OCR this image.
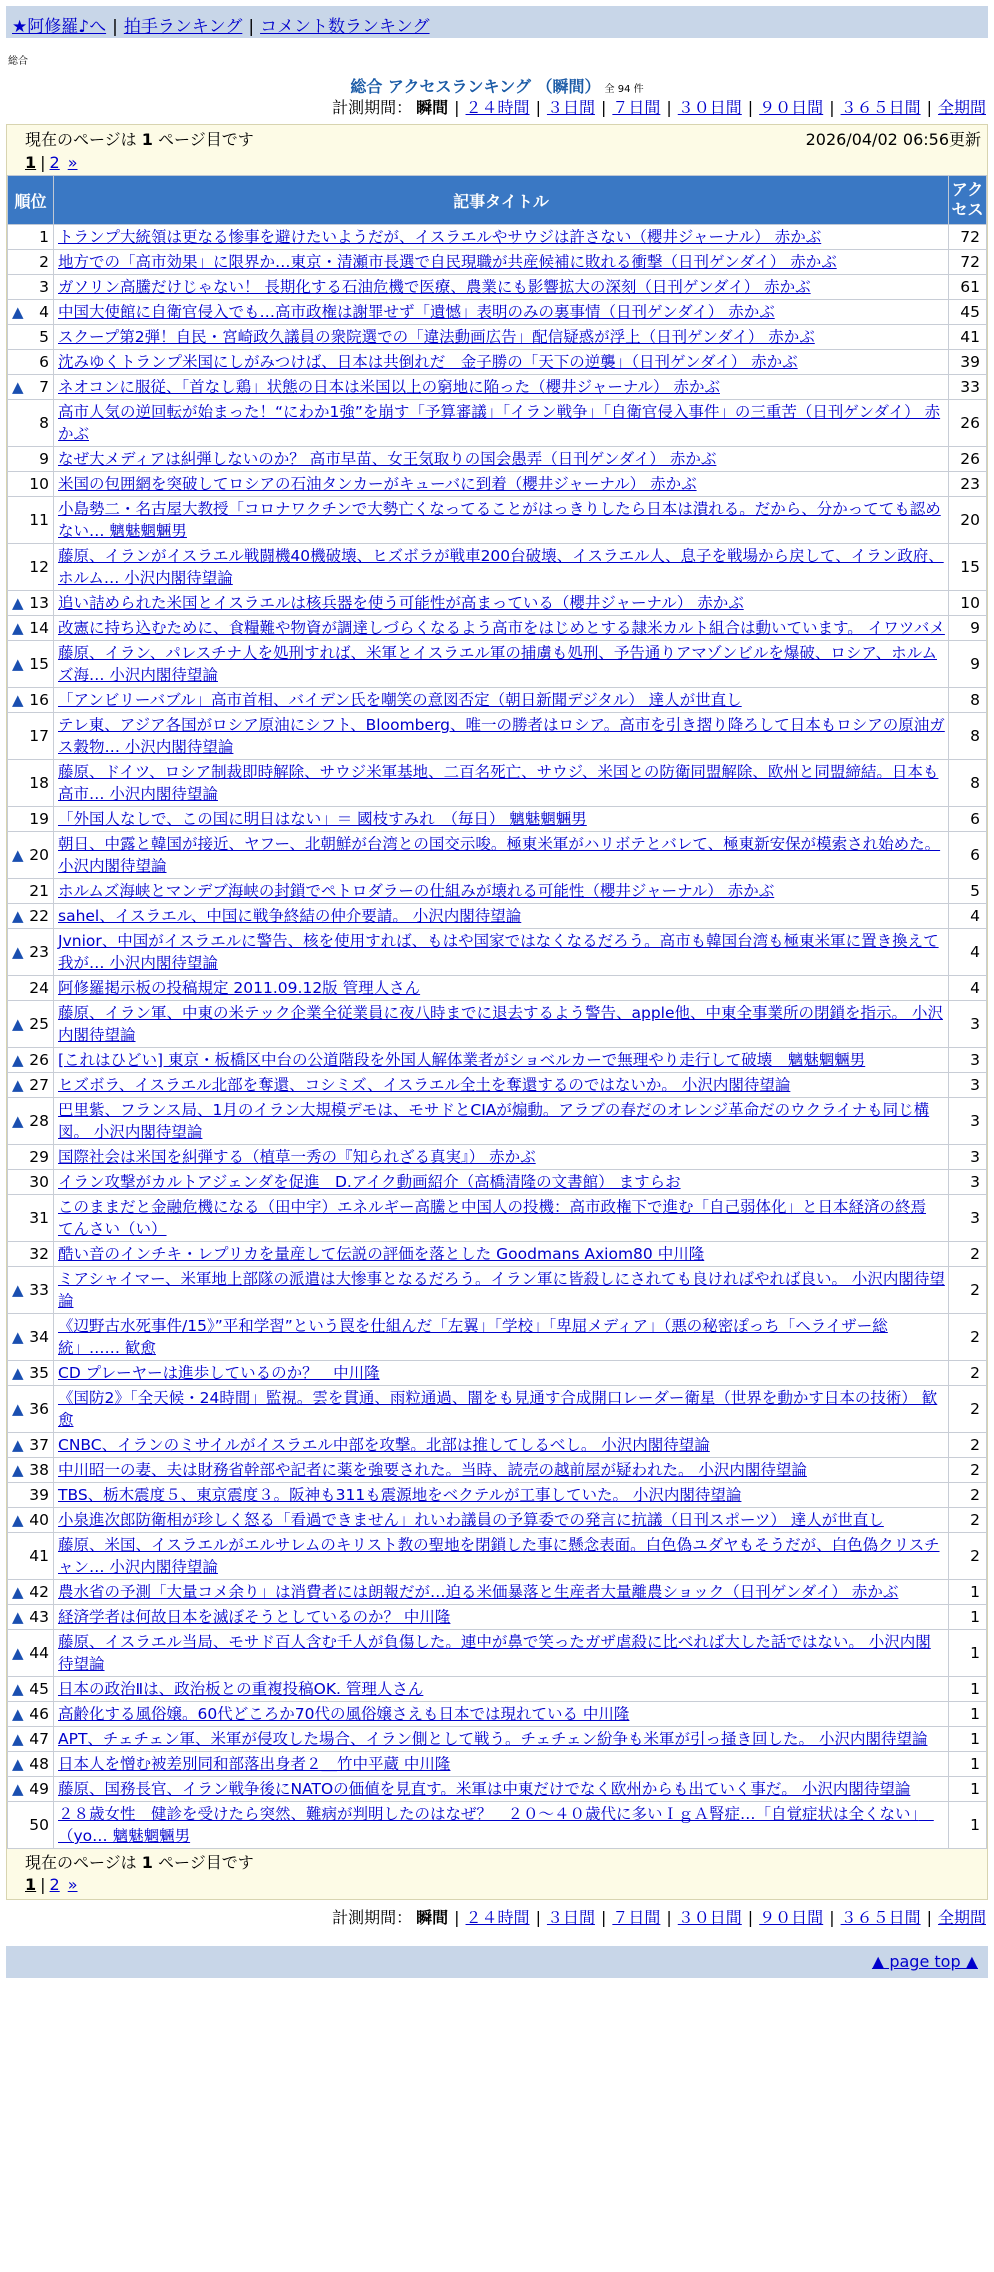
★阿修羅♪へ | 拍手ランキング | コメント数ランキング
総合
総合 アクセスランキング （瞬間） 全 94 件
計測期間： 瞬間 | ２４時間 | ３日間 | ７日間 | ３０日間 | ９０日間 | ３６５日間 | 全期間
現在のページは 1 ページ目です	2026/04/02 06:56更新
1 | 2 »
順位	記事タイトル	アクセス
1	トランプ大統領は更なる惨事を避けたいようだが、イスラエルやサウジは許さない（櫻井ジャーナル） 赤かぶ	72
2	地方での「高市効果」に限界か…東京・清瀬市長選で自民現職が共産候補に敗れる衝撃（日刊ゲンダイ） 赤かぶ	72
3	ガソリン高騰だけじゃない！ 長期化する石油危機で医療、農業にも影響拡大の深刻（日刊ゲンダイ） 赤かぶ	61

▲ 4	中国大使館に自衛官侵入でも…高市政権は謝罪せず「遺憾」表明のみの裏事情（日刊ゲンダイ） 赤かぶ	45
5	スクープ第2弾！自民・宮崎政久議員の衆院選での「違法動画広告」配信疑惑が浮上（日刊ゲンダイ） 赤かぶ	41
6	沈みゆくトランプ米国にしがみつけば、日本は共倒れだ　金子勝の「天下の逆襲」（日刊ゲンダイ） 赤かぶ	39

▲ 7	ネオコンに服従、「首なし鶏」状態の日本は米国以上の窮地に陥った（櫻井ジャーナル） 赤かぶ	33
8	高市人気の逆回転が始まった！“にわか1強”を崩す「予算審議」「イラン戦争」「自衛官侵入事件」の三重苦（日刊ゲンダイ） 赤かぶ	26
9	なぜ大メディアは糾弾しないのか？ 高市早苗、女王気取りの国会愚弄（日刊ゲンダイ） 赤かぶ	26
10	米国の包囲網を突破してロシアの石油タンカーがキューバに到着（櫻井ジャーナル） 赤かぶ	23
11	小島勢二・名古屋大教授「コロナワクチンで大勢亡くなってることがはっきりしたら日本は潰れる。だから、分かってても認めない… 魑魅魍魎男	20
12	藤原、イランがイスラエル戦闘機40機破壊、ヒズボラが戦車200台破壊、イスラエル人、息子を戦場から戻して、イラン政府、ホルム… 小沢内閣待望論	15

▲ 13	追い詰められた米国とイスラエルは核兵器を使う可能性が高まっている（櫻井ジャーナル） 赤かぶ	10

▲ 14	改憲に持ち込むために、食糧難や物資が調達しづらくなるよう高市をはじめとする隷米カルト組合は動いています。 イワツバメ	9

▲ 15	藤原、イラン、パレスチナ人を処刑すれば、米軍とイスラエル軍の捕虜も処刑、予告通りアマゾンビルを爆破、ロシア、ホルムズ海… 小沢内閣待望論	9

▲ 16	「アンビリーバブル」高市首相、バイデン氏を嘲笑の意図否定（朝日新聞デジタル） 達人が世直し	8
17	テレ東、アジア各国がロシア原油にシフト、Bloomberg、唯一の勝者はロシア。高市を引き摺り降ろして日本もロシアの原油ガス穀物… 小沢内閣待望論	8
18	藤原、ドイツ、ロシア制裁即時解除、サウジ米軍基地、二百名死亡、サウジ、米国との防衛同盟解除、欧州と同盟締結。日本も高市… 小沢内閣待望論	8
19	「外国人なしで、この国に明日はない」＝ 國枝すみれ　（毎日） 魑魅魍魎男	6

▲ 20	朝日、中露と韓国が接近、ヤフー、北朝鮮が台湾との国交示唆。極東米軍がハリボテとバレて、極東新安保が模索され始めた。 小沢内閣待望論	6
21	ホルムズ海峡とマンデブ海峡の封鎖でペトロダラーの仕組みが壊れる可能性（櫻井ジャーナル） 赤かぶ	5

▲ 22	sahel、イスラエル、中国に戦争終結の仲介要請。 小沢内閣待望論	4

▲ 23	Jvnior、中国がイスラエルに警告、核を使用すれば、もはや国家ではなくなるだろう。高市も韓国台湾も極東米軍に置き換えて我が… 小沢内閣待望論	4
24	阿修羅掲示板の投稿規定 2011.09.12版 管理人さん	4

▲ 25	藤原、イラン軍、中東の米テック企業全従業員に夜八時までに退去するよう警告、apple他、中東全事業所の閉鎖を指示。 小沢内閣待望論	3

▲ 26	[これはひどい] 東京・板橋区中台の公道階段を外国人解体業者がショベルカーで無理やり走行して破壊　魑魅魍魎男	3

▲ 27	ヒズボラ、イスラエル北部を奪還、コシミズ、イスラエル全土を奪還するのではないか。 小沢内閣待望論	3

▲ 28	巴里紫、フランス局、1月のイラン大規模デモは、モサドとCIAが煽動。アラブの春だのオレンジ革命だのウクライナも同じ構図。 小沢内閣待望論	3
29	国際社会は米国を糾弾する（植草一秀の『知られざる真実』） 赤かぶ	3
30	イラン攻撃がカルトアジェンダを促進　D.アイク動画紹介（高橋清隆の文書館） ますらお	3
31	このままだと金融危機になる（田中宇）エネルギー高騰と中国人の投機：高市政権下で進む「自己弱体化」と日本経済の終焉 てんさい（い）	3
32	酷い音のインチキ・レプリカを量産して伝説の評価を落とした Goodmans Axiom80 中川隆	2

▲ 33	ミアシャイマー、米軍地上部隊の派遣は大惨事となるだろう。イラン軍に皆殺しにされても良ければやれば良い。 小沢内閣待望論	2

▲ 34	《辺野古水死事件/15》”平和学習”という罠を仕組んだ「左翼」「学校」「卑屈メディア」（悪の秘密ぽっち「ヘライザー総統」…… 歓愈	2

▲ 35	CD プレーヤーは進歩しているのか？　中川隆	2

▲ 36	《国防2》「全天候・24時間」監視。雲を貫通、雨粒通過、闇をも見通す合成開口レーダー衛星（世界を動かす日本の技術） 歓愈	2

▲ 37	CNBC、イランのミサイルがイスラエル中部を攻撃。北部は推してしるべし。 小沢内閣待望論	2

▲ 38	中川昭一の妻、夫は財務省幹部や記者に薬を強要された。当時、読売の越前屋が疑われた。 小沢内閣待望論	2
39	TBS、栃木震度５、東京震度３。阪神も311も震源地をベクテルが工事していた。 小沢内閣待望論	2

▲ 40	小泉進次郎防衛相が珍しく怒る「看過できません」れいわ議員の予算委での発言に抗議（日刊スポーツ） 達人が世直し	2
41	藤原、米国、イスラエルがエルサレムのキリスト教の聖地を閉鎖した事に懸念表面。白色偽ユダヤもそうだが、白色偽クリスチャン… 小沢内閣待望論	2

▲ 42	農水省の予測「大量コメ余り」は消費者には朗報だが…迫る米価暴落と生産者大量離農ショック（日刊ゲンダイ） 赤かぶ	1

▲ 43	経済学者は何故日本を滅ぼそうとしているのか？ 中川隆	1

▲ 44	藤原、イスラエル当局、モサド百人含む千人が負傷した。連中が鼻で笑ったガザ虐殺に比べれば大した話ではない。 小沢内閣待望論	1

▲ 45	日本の政治Ⅱは、政治板との重複投稿OK. 管理人さん	1

▲ 46	高齢化する風俗嬢。60代どころか70代の風俗嬢さえも日本では現れている 中川隆	1

▲ 47	APT、チェチェン軍、米軍が侵攻した場合、イラン側として戦う。チェチェン紛争も米軍が引っ掻き回した。 小沢内閣待望論	1

▲ 48	日本人を憎む被差別同和部落出身者２＿竹中平蔵 中川隆	1

▲ 49	藤原、国務長官、イラン戦争後にNATOの価値を見直す。米軍は中東だけでなく欧州からも出ていく事だ。 小沢内閣待望論	1
50	２８歳女性　健診を受けたら突然、難病が判明したのはなぜ？　２０～４０歳代に多いＩｇＡ腎症…「自覚症状は全くない」　（yo… 魑魅魍魎男	1
現在のページは 1 ページ目です
1 | 2 »
計測期間： 瞬間 | ２４時間 | ３日間 | ７日間 | ３０日間 | ９０日間 | ３６５日間 | 全期間
▲ page top ▲
